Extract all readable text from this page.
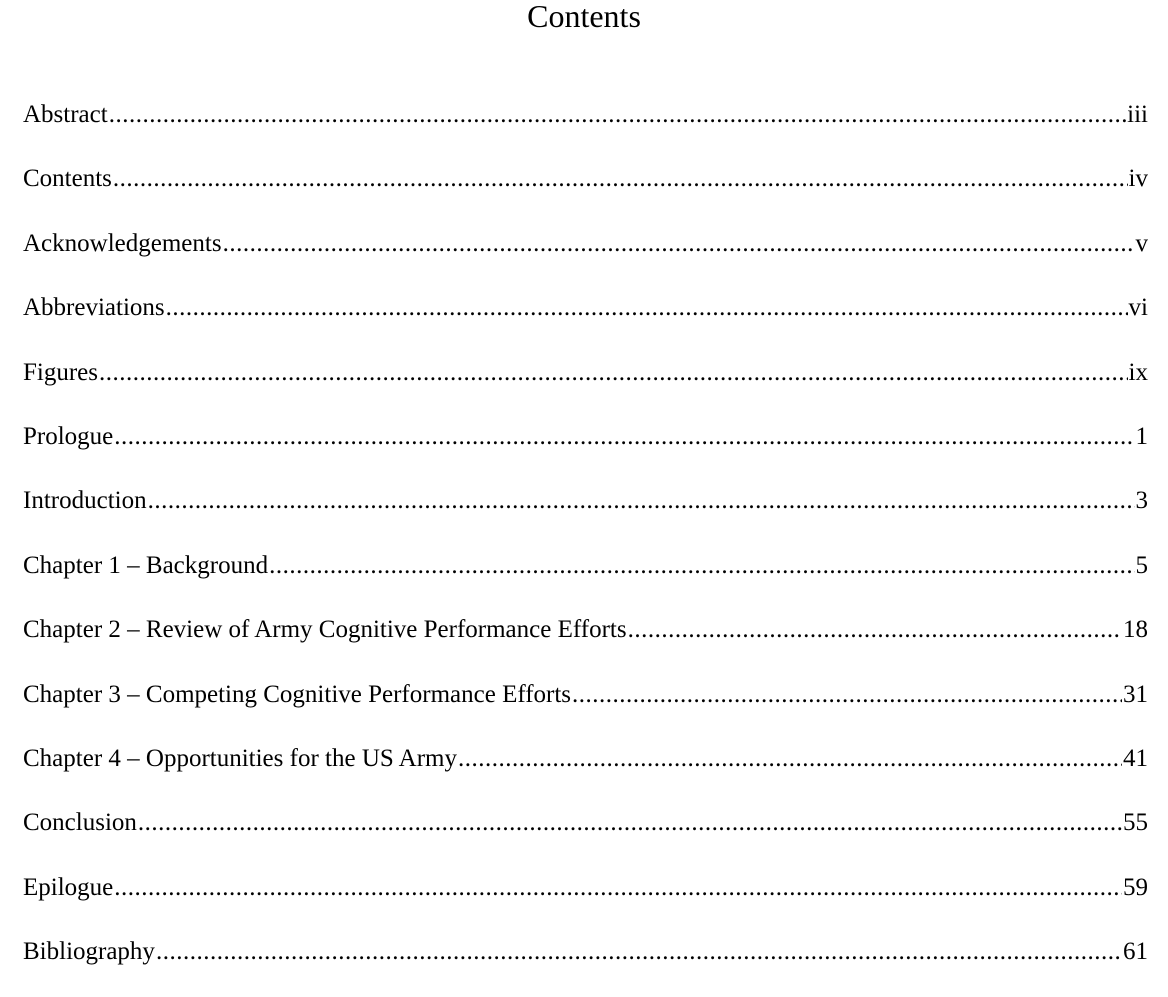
Contents
Abstract .....	iii
Contents .....	iv
Acknowledgements .....	v
Abbreviations .....	vi
Figures .....	ix
Prologue .....	1
Introduction .....	3
Chapter 1 – Background .....	5
Chapter 2 – Review of Army Cognitive Performance Efforts .....	18
Chapter 3 – Competing Cognitive Performance Efforts .....	31
Chapter 4 – Opportunities for the US Army .....	41
Conclusion .....	55
Epilogue .....	59
Bibliography .....	61
